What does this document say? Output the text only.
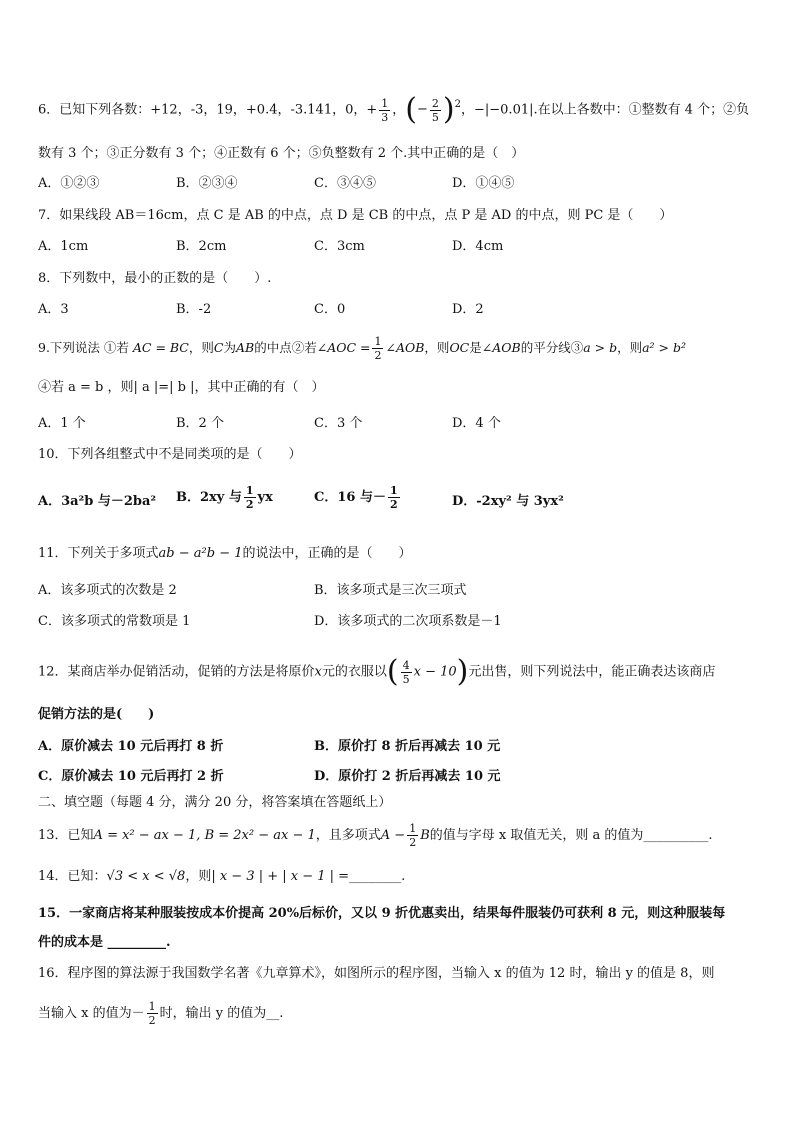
6．已知下列各数：+12，-3，19，+0.4，-3.141，0，+ $\frac{1}{3}$ ，(− $\frac{2}{5} )^2$，−|−0.01|.在以上各数中：①整数有 4 个；②负
数有 3 个；③正分数有 3 个；④正数有 6 个；⑤负整数有 2 个.其中正确的是（　）
A．①②③	B．②③④	C．③④⑤	D．①④⑤
7．如果线段 AB＝16cm，点 C 是 AB 的中点，点 D 是 CB 的中点，点 P 是 AD 的中点，则 PC 是（　　）
A．1cm	B．2cm	C．3cm	D．4cm
8．下列数中，最小的正数的是（　　）.
A．3	B．-2	C．0	D．2
9.下列说法 ①若 AC = BC，则C为AB的中点②若∠AOC = $\frac{1}{2}$ ∠AOB，则OC是∠AOB的平分线③a > b，则a² > b²
④若 a = b ，则| a |=| b |，其中正确的有（　）
A．1 个	B．2 个	C．3 个	D．4 个
10．下列各组整式中不是同类项的是（　　）
A．3a²b 与－2ba² B．2xy 与 $\frac{1}{2}$ yx	C．16 与－ $\frac{1}{2}$	D．-2xy² 与 3yx²
11．下列关于多项式ab − a²b − 1的说法中，正确的是（　　）
A．该多项式的次数是 2	B．该多项式是三次三项式
C．该多项式的常数项是 1	D．该多项式的二次项系数是－1
12．某商店举办促销活动，促销的方法是将原价x元的衣服以( $\frac{4}{5}$ x − 10)元出售，则下列说法中，能正确表达该商店
促销方法的是(　　)
A．原价减去 10 元后再打 8 折	B．原价打 8 折后再减去 10 元
C．原价减去 10 元后再打 2 折	D．原价打 2 折后再减去 10 元
二、填空题（每题 4 分，满分 20 分，将答案填在答题纸上）
13．已知A = x² − ax − 1, B = 2x² − ax − 1，且多项式$A - \frac{1}{2}$ B的值与字母 x 取值无关，则 a 的值为__________.
14．已知：√3 < x < √8，则| x − 3 | + | x − 1 | =________.
15．一家商店将某种服装按成本价提高 20%后标价，又以 9 折优惠卖出，结果每件服装仍可获利 8 元，则这种服装每
件的成本是 _________.
16．程序图的算法源于我国数学名著《九章算术》，如图所示的程序图，当输入 x 的值为 12 时，输出 y 的值是 8，则
当输入 x 的值为－ $\frac{1}{2}$ 时，输出 y 的值为__.
